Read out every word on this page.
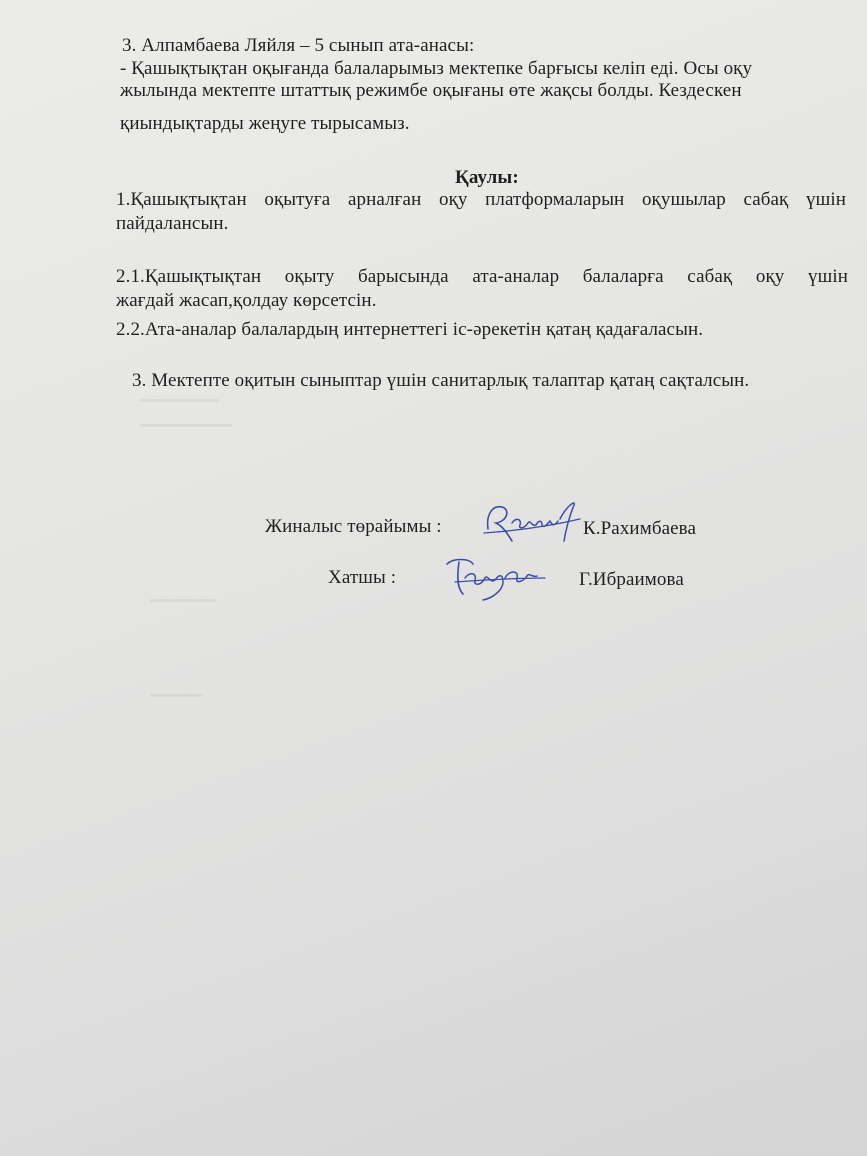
▔▔▔▔▔▔
▔▔▔▔▔▔▔
▔▔▔▔▔
▔▔▔▔
3. Алпамбаева Ляйля – 5 сынып ата-анасы:
- Қашықтықтан оқығанда балаларымыз мектепке барғысы келіп еді. Осы оқу
жылында мектепте штаттық режимбе оқығаны өте жақсы болды. Кездескен
қиындықтарды жеңуге тырысамыз.
Қаулы:
1.Қашықтықтан оқытуға арналған оқу платформаларын оқушылар сабақ үшін
пайдалансын.
2.1.Қашықтықтан оқыту барысында ата-аналар балаларға сабақ оқу үшін
жағдай жасап,қолдау көрсетсін.
2.2.Ата-аналар балалардың интернеттегі іс-әрекетін қатаң қадағаласын.
3. Мектепте оқитын сыныптар үшін санитарлық талаптар қатаң сақталсын.
Жиналыс төрайымы :	К.Рахимбаева
Хатшы :	Г.Ибраимова
